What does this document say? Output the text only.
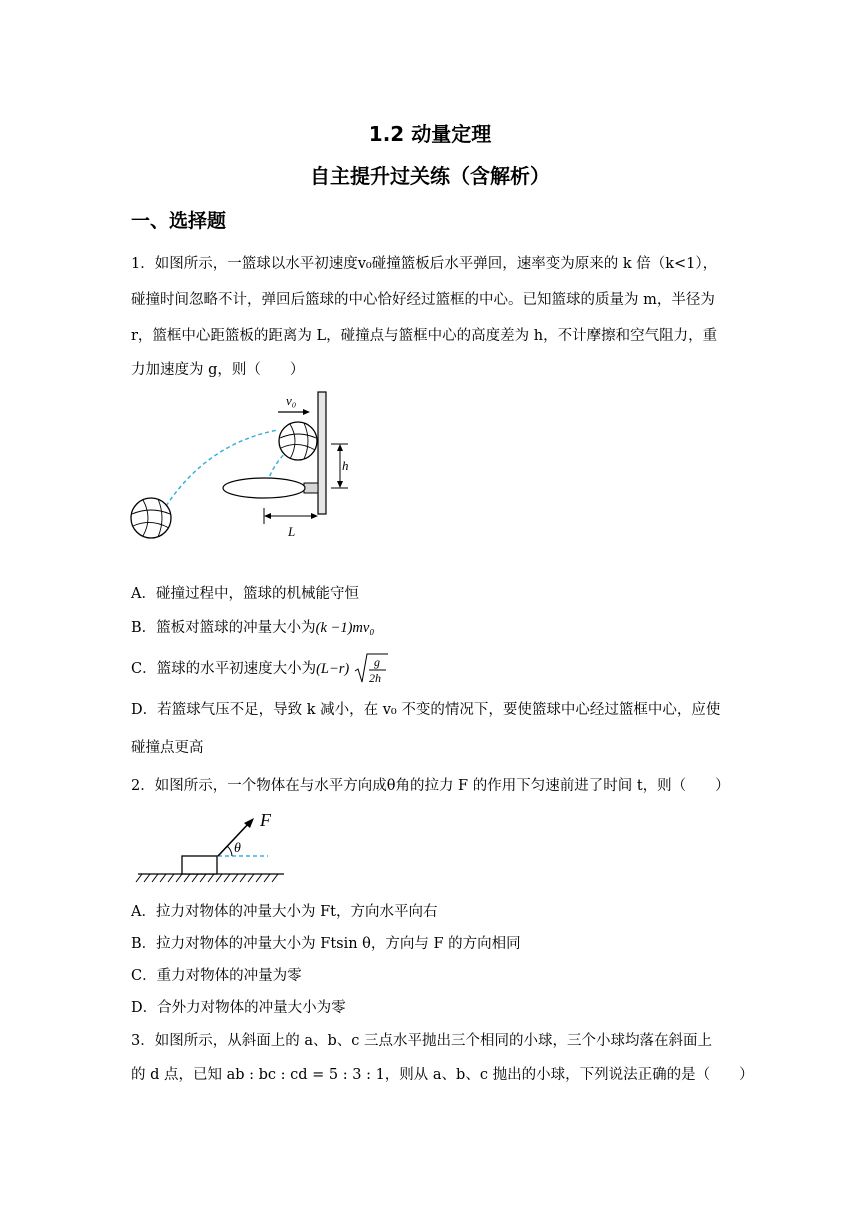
1.2 动量定理
自主提升过关练（含解析）
一、选择题
1．如图所示，一篮球以水平初速度v₀碰撞篮板后水平弹回，速率变为原来的 k 倍（k<1），
碰撞时间忽略不计，弹回后篮球的中心恰好经过篮框的中心。已知篮球的质量为 m，半径为
r，篮框中心距篮板的距离为 L，碰撞点与篮框中心的高度差为 h，不计摩擦和空气阻力，重
力加速度为 g，则（　　）
v₀
h
L
A．碰撞过程中，篮球的机械能守恒
B．篮板对篮球的冲量大小为(k −1)mv₀
C．篮球的水平初速度大小为(L−r) g
2h
D．若篮球气压不足，导致 k 减小，在 v₀ 不变的情况下，要使篮球中心经过篮框中心，应使
碰撞点更高
2．如图所示，一个物体在与水平方向成θ角的拉力 F 的作用下匀速前进了时间 t，则（　　）
F
θ
A．拉力对物体的冲量大小为 Ft，方向水平向右
B．拉力对物体的冲量大小为 Ftsin θ，方向与 F 的方向相同
C．重力对物体的冲量为零
D．合外力对物体的冲量大小为零
3．如图所示，从斜面上的 a、b、c 三点水平抛出三个相同的小球，三个小球均落在斜面上
的 d 点，已知 ab : bc : cd = 5 : 3 : 1，则从 a、b、c 抛出的小球，下列说法正确的是（　　）
